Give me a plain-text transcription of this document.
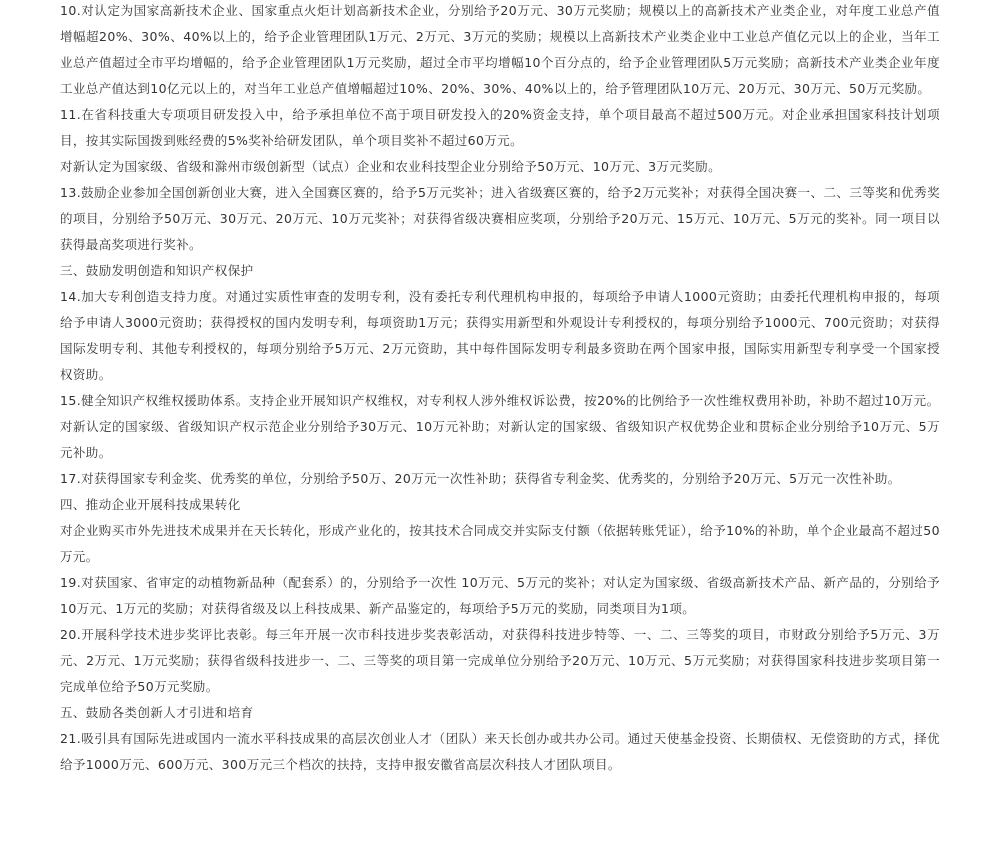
10.对认定为国家高新技术企业、国家重点火炬计划高新技术企业，分别给予20万元、30万元奖励；规模以上的高新技术产业类企业，对年度工业总产值增幅超20%、30%、40%以上的，给予企业管理团队1万元、2万元、3万元的奖励；规模以上高新技术产业类企业中工业总产值亿元以上的企业，当年工业总产值超过全市平均增幅的，给予企业管理团队1万元奖励，超过全市平均增幅10个百分点的，给予企业管理团队5万元奖励；高新技术产业类企业年度工业总产值达到10亿元以上的，对当年工业总产值增幅超过10%、20%、30%、40%以上的，给予管理团队10万元、20万元、30万元、50万元奖励。

11.在省科技重大专项项目研发投入中，给予承担单位不高于项目研发投入的20%资金支持，单个项目最高不超过500万元。对企业承担国家科技计划项目，按其实际国拨到账经费的5%奖补给研发团队，单个项目奖补不超过60万元。

对新认定为国家级、省级和滁州市级创新型（试点）企业和农业科技型企业分别给予50万元、10万元、3万元奖励。

13.鼓励企业参加全国创新创业大赛，进入全国赛区赛的，给予5万元奖补；进入省级赛区赛的，给予2万元奖补；对获得全国决赛一、二、三等奖和优秀奖的项目，分别给予50万元、30万元、20万元、10万元奖补；对获得省级决赛相应奖项，分别给予20万元、15万元、10万元、5万元的奖补。同一项目以获得最高奖项进行奖补。

三、鼓励发明创造和知识产权保护

14.加大专利创造支持力度。对通过实质性审查的发明专利，没有委托专利代理机构申报的，每项给予申请人1000元资助；由委托代理机构申报的，每项给予申请人3000元资助；获得授权的国内发明专利，每项资助1万元；获得实用新型和外观设计专利授权的，每项分别给予1000元、700元资助；对获得国际发明专利、其他专利授权的，每项分别给予5万元、2万元资助，其中每件国际发明专利最多资助在两个国家申报，国际实用新型专利享受一个国家授权资助。

15.健全知识产权维权援助体系。支持企业开展知识产权维权，对专利权人涉外维权诉讼费，按20%的比例给予一次性维权费用补助，补助不超过10万元。

对新认定的国家级、省级知识产权示范企业分别给予30万元、10万元补助；对新认定的国家级、省级知识产权优势企业和贯标企业分别给予10万元、5万元补助。

17.对获得国家专利金奖、优秀奖的单位，分别给予50万、20万元一次性补助；获得省专利金奖、优秀奖的，分别给予20万元、5万元一次性补助。

四、推动企业开展科技成果转化

对企业购买市外先进技术成果并在天长转化，形成产业化的，按其技术合同成交并实际支付额（依据转账凭证），给予10%的补助，单个企业最高不超过50万元。

19.对获国家、省审定的动植物新品种（配套系）的，分别给予一次性 10万元、5万元的奖补；对认定为国家级、省级高新技术产品、新产品的，分别给予10万元、1万元的奖励；对获得省级及以上科技成果、新产品鉴定的，每项给予5万元的奖励，同类项目为1项。

20.开展科学技术进步奖评比表彰。每三年开展一次市科技进步奖表彰活动，对获得科技进步特等、一、二、三等奖的项目，市财政分别给予5万元、3万元、2万元、1万元奖励；获得省级科技进步一、二、三等奖的项目第一完成单位分别给予20万元、10万元、5万元奖励；对获得国家科技进步奖项目第一完成单位给予50万元奖励。

五、鼓励各类创新人才引进和培育

21.吸引具有国际先进或国内一流水平科技成果的高层次创业人才（团队）来天长创办或共办公司。通过天使基金投资、长期债权、无偿资助的方式，择优给予1000万元、600万元、300万元三个档次的扶持，支持申报安徽省高层次科技人才团队项目。
